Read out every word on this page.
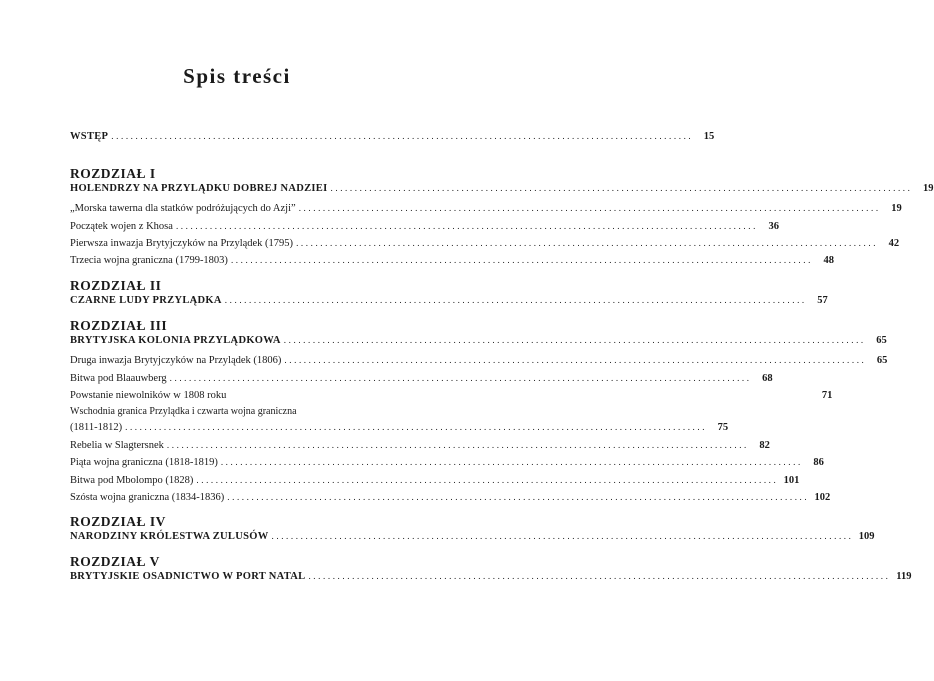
Spis treści
WSTĘP ........................................................................................................................	15
ROZDZIAŁ I
HOLENDRZY NA PRZYLĄDKU DOBREJ NADZIEI ........................................................................................................................	19
„Morska tawerna dla statków podróżujących do Azji” ........................................................................................................................	19
Początek wojen z Khosa ........................................................................................................................	36
Pierwsza inwazja Brytyjczyków na Przylądek (1795) ........................................................................................................................	42
Trzecia wojna graniczna (1799-1803) ........................................................................................................................	48
ROZDZIAŁ II
CZARNE LUDY PRZYLĄDKA ........................................................................................................................	57
ROZDZIAŁ III
BRYTYJSKA KOLONIA PRZYLĄDKOWA ........................................................................................................................	65
Druga inwazja Brytyjczyków na Przylądek (1806) ........................................................................................................................	65
Bitwa pod Blaauwberg ........................................................................................................................	68
Powstanie niewolników w 1808 roku	71
Wschodnia granica Przylądka i czwarta wojna graniczna
(1811-1812) ........................................................................................................................	75
Rebelia w Slagtersnek ........................................................................................................................	82
Piąta wojna graniczna (1818-1819) ........................................................................................................................	86
Bitwa pod Mbolompo (1828) ........................................................................................................................ 101
Szósta wojna graniczna (1834-1836) ........................................................................................................................ 102
ROZDZIAŁ IV
NARODZINY KRÓLESTWA ZULUSÓW ........................................................................................................................ 109
ROZDZIAŁ V
BRYTYJSKIE OSADNICTWO W PORT NATAL ........................................................................................................................ 119
